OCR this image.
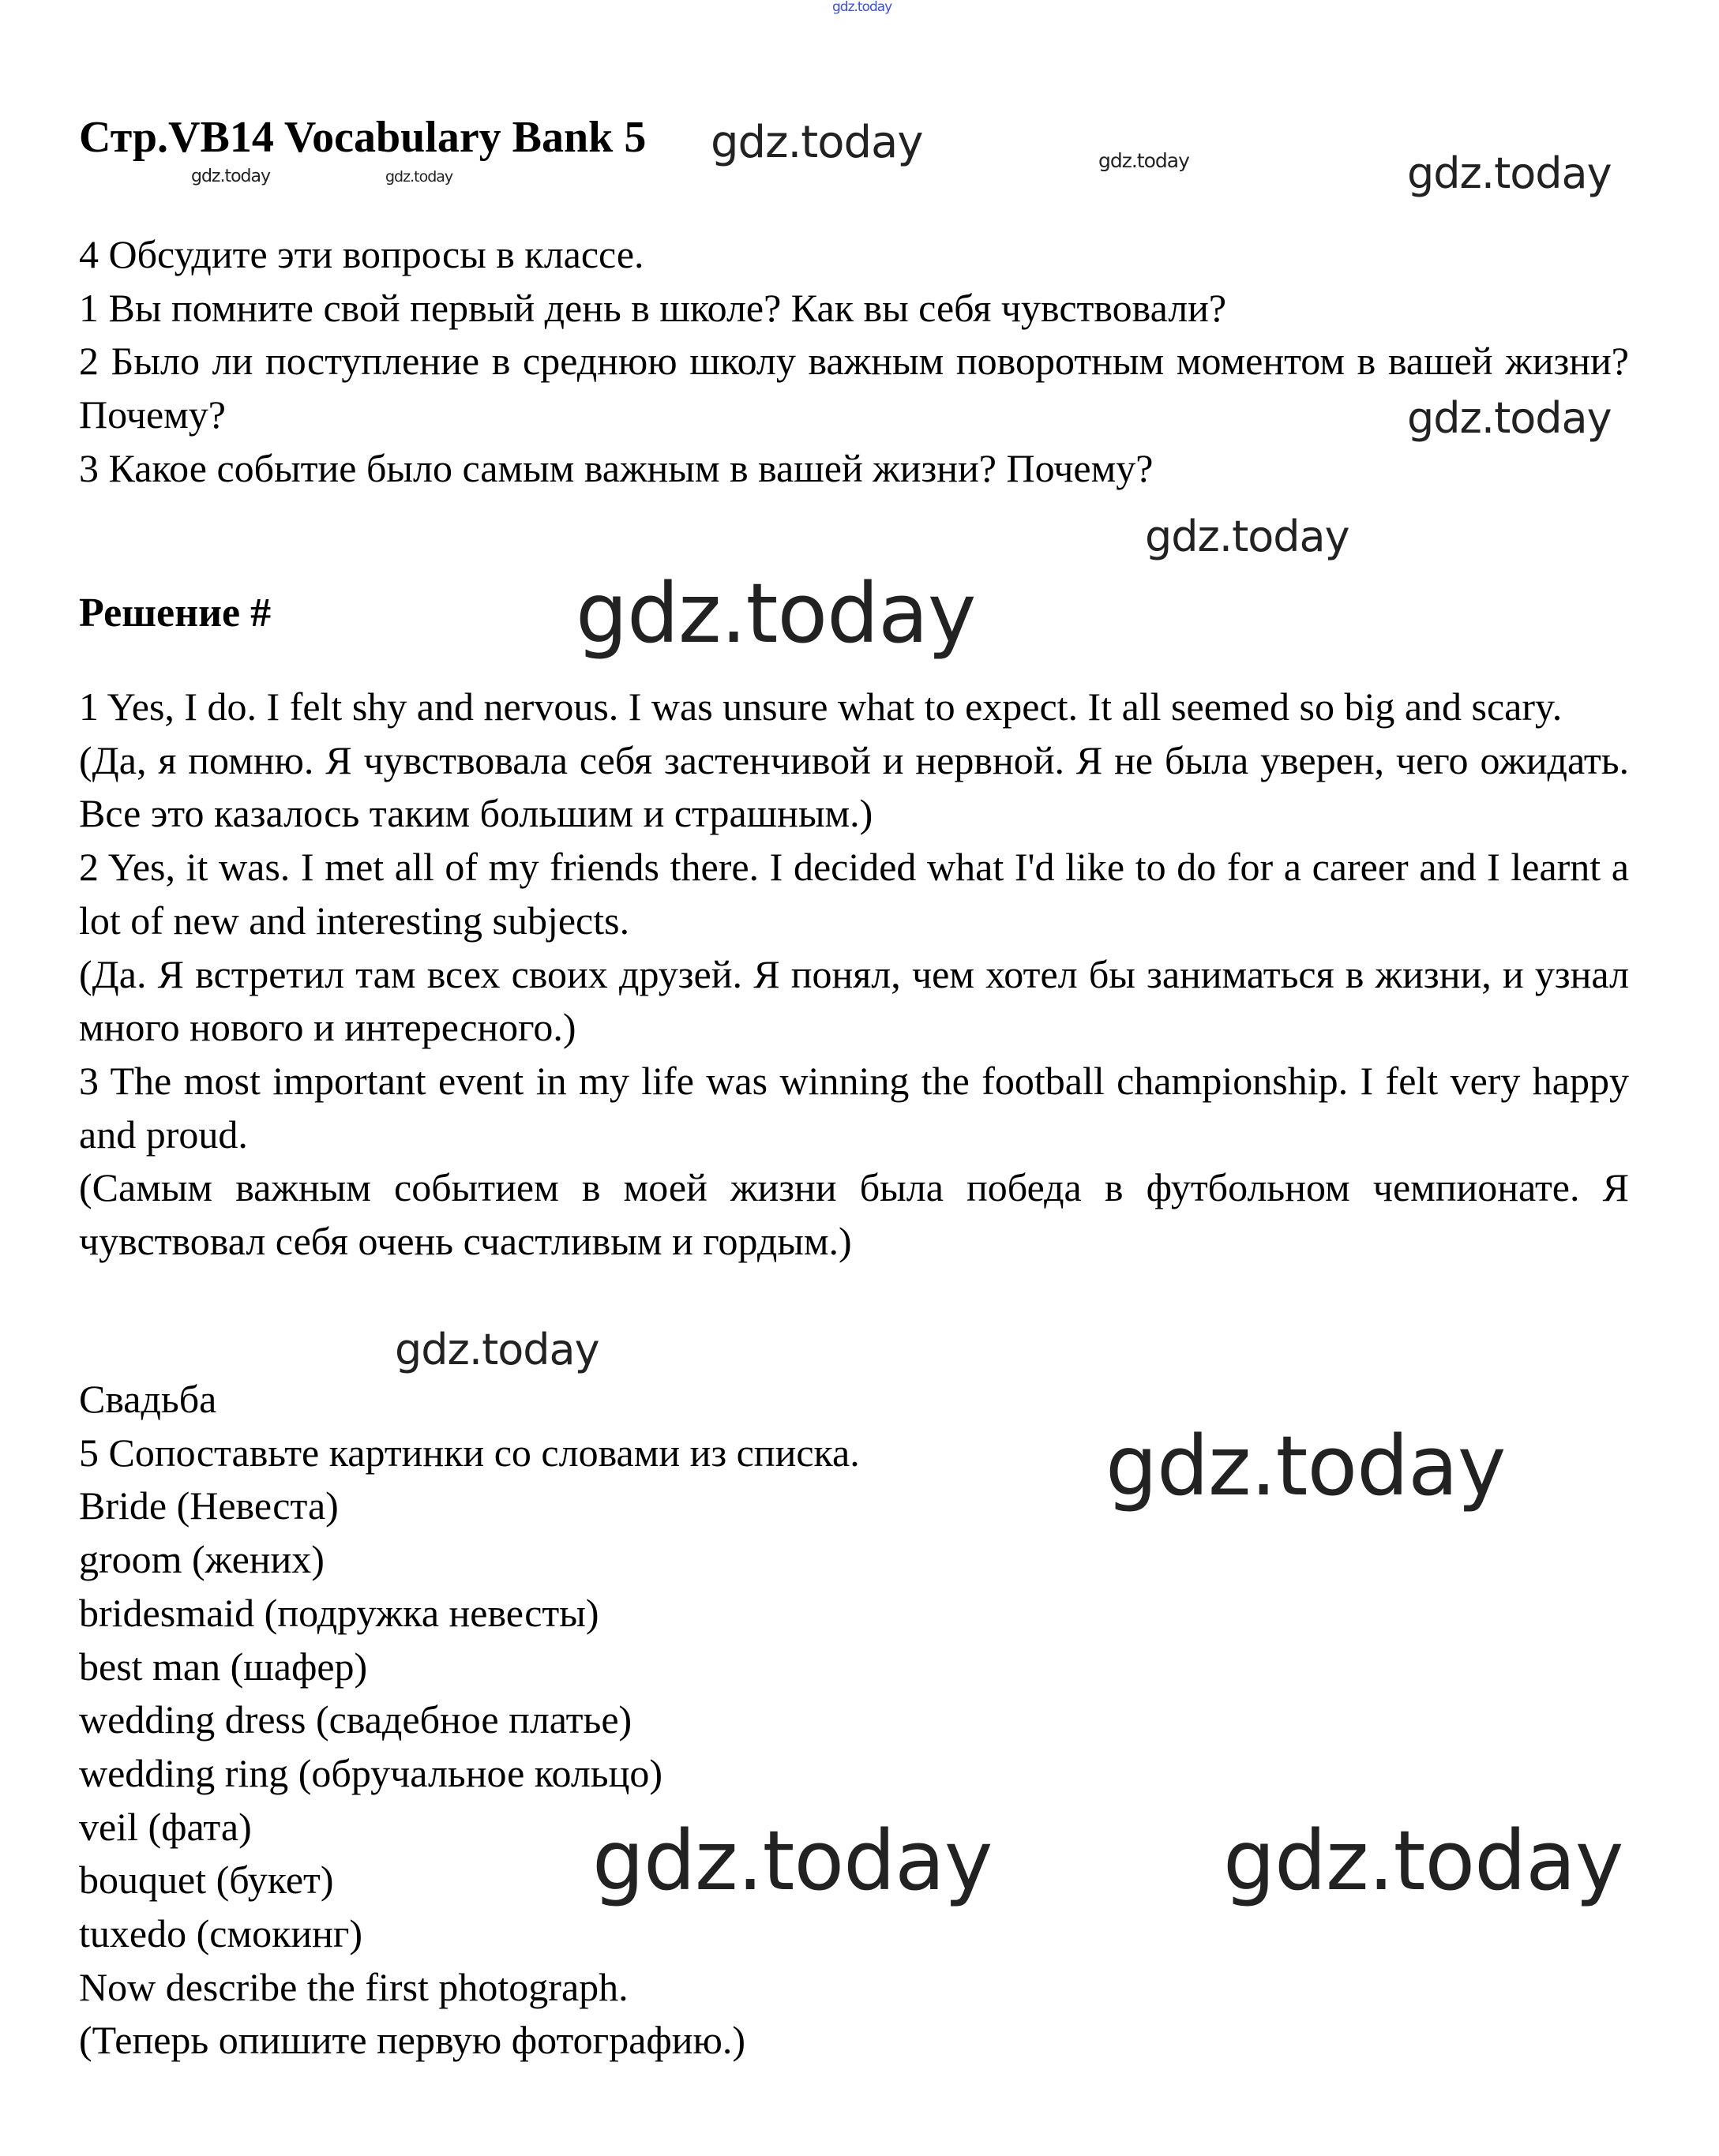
gdz.today
Стр.VB14 Vocabulary Bank 5 gdz.today
gdz.today	gdz.today
gdz.today	gdz.today

4 Обсудите эти вопросы в классе.

1 Вы помните свой первый день в школе? Как вы себя чувствовали?

2 Было ли поступление в среднюю школу важным поворотным моментом в вашей жизни? Почему?

3 Какое событие было самым важным в вашей жизни? Почему?

gdz.today
Решение #	gdz.today

1 Yes, I do. I felt shy and nervous. I was unsure what to expect. It all seemed so big and scary.

(Да, я помню. Я чувствовала себя застенчивой и нервной. Я не была уверен, чего ожидать. Все это казалось таким большим и страшным.)

2 Yes, it was. I met all of my friends there. I decided what I'd like to do for a career and I learnt a lot of new and interesting subjects.

(Да. Я встретил там всех своих друзей. Я понял, чем хотел бы заниматься в жизни, и узнал много нового и интересного.)

3 The most important event in my life was winning the football championship. I felt very happy and proud.

(Самым важным событием в моей жизни была победа в футбольном чемпионате. Я чувствовал себя очень счастливым и гордым.)

gdz.today
gdz.today
gdz.today

Свадьба

5 Сопоставьте картинки со словами из списка.

Bride (Невеста)

groom (жених)

bridesmaid (подружка невесты)

best man (шафер)

wedding dress (свадебное платье)

wedding ring (обручальное кольцо)

veil (фата)

bouquet (букет)

tuxedo (смокинг)

Now describe the first photograph.

(Теперь опишите первую фотографию.)

gdz.today	gdz.today
